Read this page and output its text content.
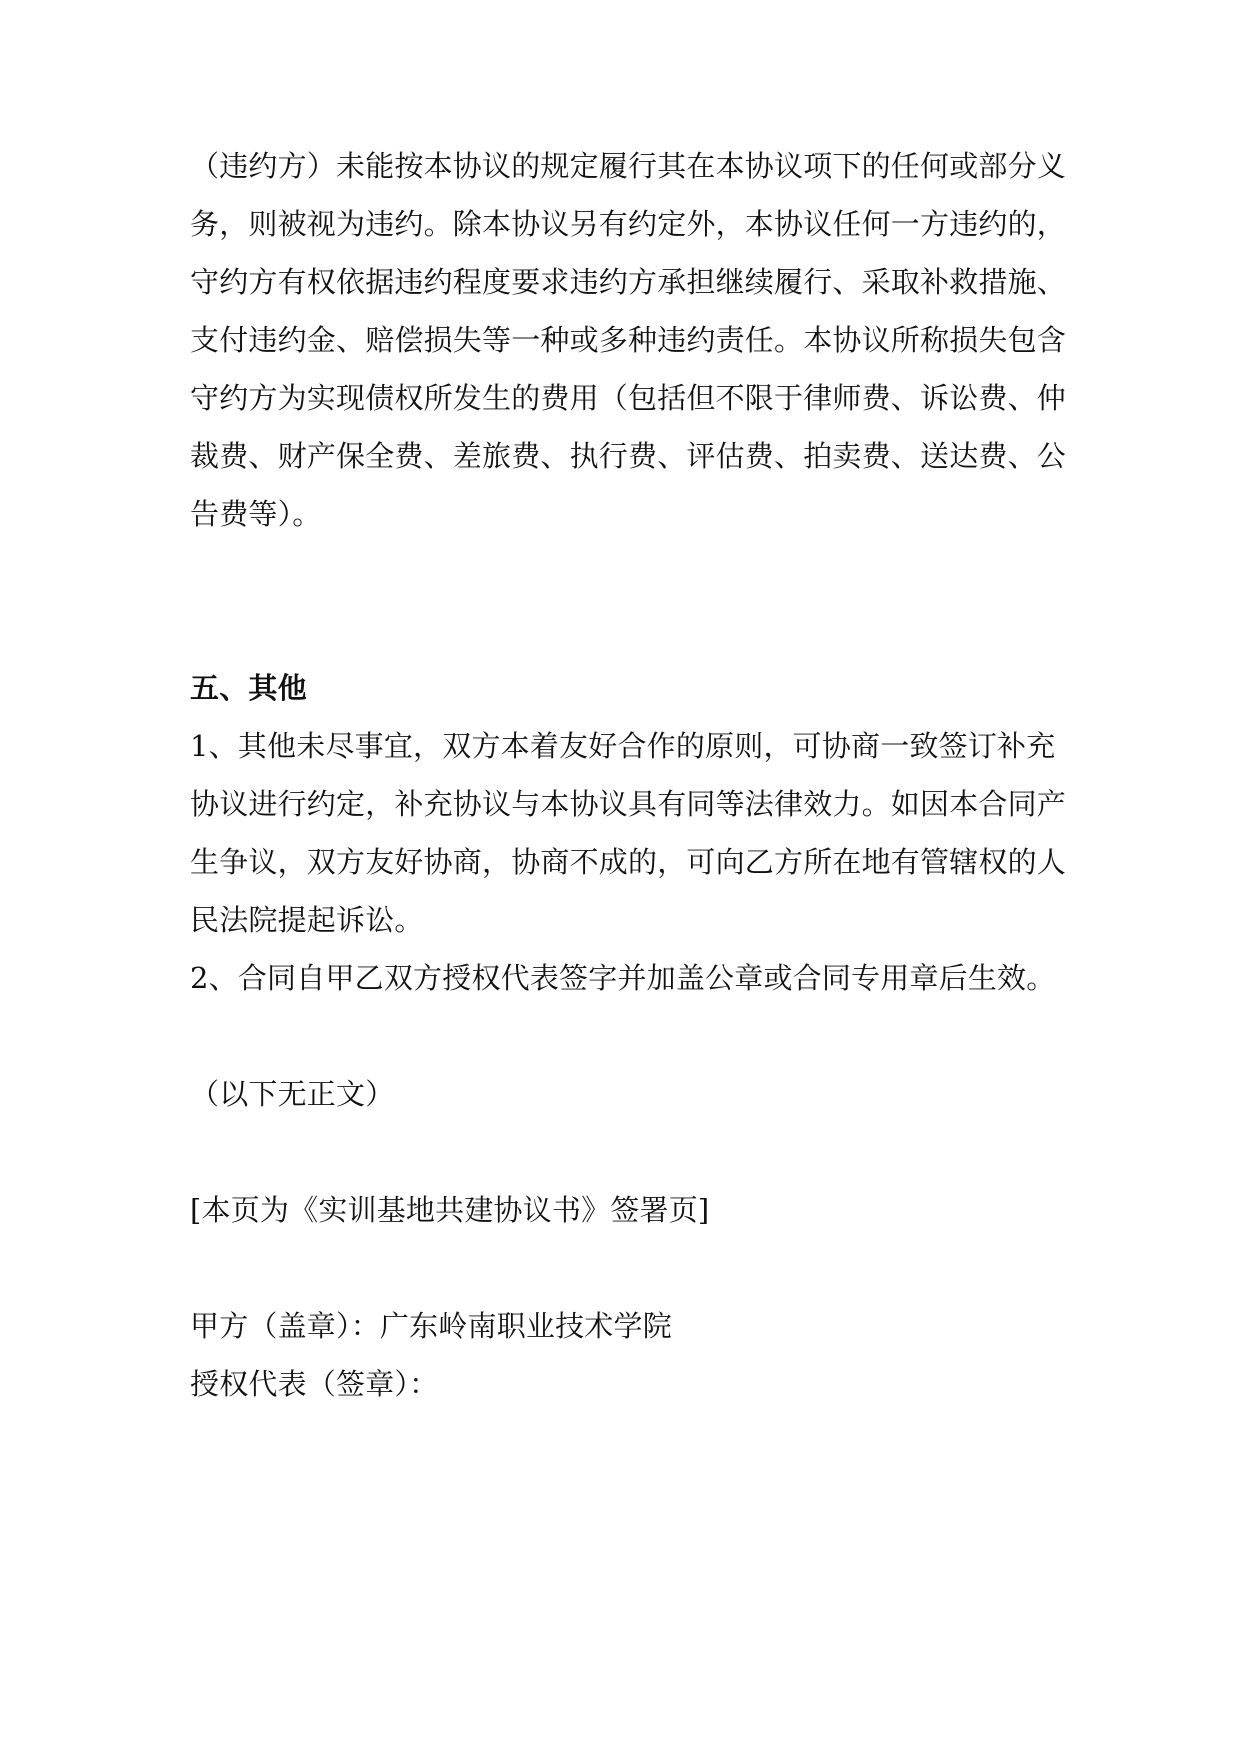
（违约方）未能按本协议的规定履行其在本协议项下的任何或部分义
务，则被视为违约。除本协议另有约定外，本协议任何一方违约的，
守约方有权依据违约程度要求违约方承担继续履行、采取补救措施、
支付违约金、赔偿损失等一种或多种违约责任。本协议所称损失包含
守约方为实现债权所发生的费用（包括但不限于律师费、诉讼费、仲
裁费、财产保全费、差旅费、执行费、评估费、拍卖费、送达费、公
告费等）。
五、其他
1、其他未尽事宜，双方本着友好合作的原则，可协商一致签订补充
协议进行约定，补充协议与本协议具有同等法律效力。如因本合同产
生争议，双方友好协商，协商不成的，可向乙方所在地有管辖权的人
民法院提起诉讼。
2、合同自甲乙双方授权代表签字并加盖公章或合同专用章后生效。
（以下无正文）
[本页为《实训基地共建协议书》签署页]
甲方（盖章）：广东岭南职业技术学院
授权代表（签章）：
